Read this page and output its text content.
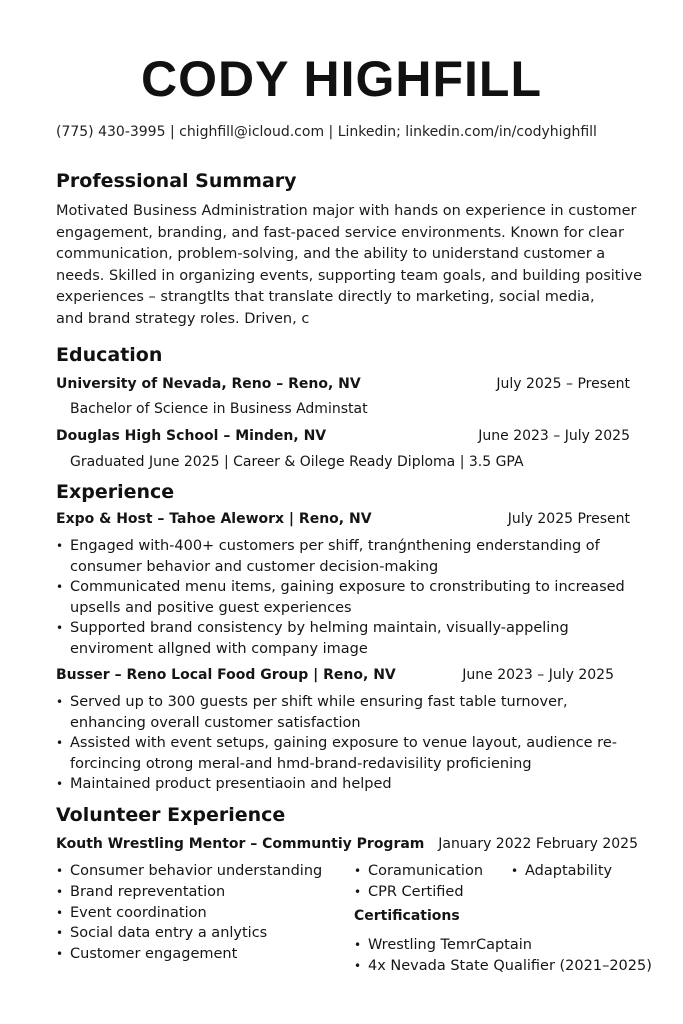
CODY HIGHFILL
(775) 430-3995 | chighfill@icloud.com | Linkedin; linkedin.com/in/codyhighfill
Professional Summary
Motivated Business Administration major with hands on experience in customer
engagement, branding, and fast-paced service environments. Known for clear
communication, problem-solving, and the ability to uniderstand customer a
needs. Skilled in organizing events, supporting team goals, and building positive
experiences – strangtlts that translate directly to marketing, social media,
and brand strategy roles. Driven, c
Education
University of Nevada, Reno – Reno, NV	July 2025 – Present
Bachelor of Science in Business Adminstat
Douglas High School – Minden, NV	June 2023 – July 2025
Graduated June 2025 | Career & Oilege Ready Diploma | 3.5 GPA
Experience
Expo & Host – Tahoe Aleworx | Reno, NV	July 2025 Present
• Engaged with-400+ customers per shiff, tranǵnthening enderstanding of consumer behavior and customer decision-making
• Communicated menu items, gaining exposure to cronstributing to increased upsells and positive guest experiences
• Supported brand consistency by helming maintain, visually-appeling enviroment allgned with company image
Busser – Reno Local Food Group | Reno, NV	June 2023 – July 2025
• Served up to 300 guests per shift while ensuring fast table turnover, enhancing overall customer satisfaction
• Assisted with event setups, gaining exposure to venue layout, audience re-forcincing otrong meral-and hmd-brand-redavisility proficiening
• Maintained product presentiaoin and helped
Volunteer Experience
Kouth Wrestling Mentor – Communtiy Program January 2022 February 2025
• Consumer behavior understanding
• Brand repreventation
• Event coordination
• Social data entry a anlytics
• Customer engagement
• Coramunication
• CPR Certified
• Adaptability
Certifications
• Wrestling TemrCaptain
• 4x Nevada State Qualifier (2021–2025)
